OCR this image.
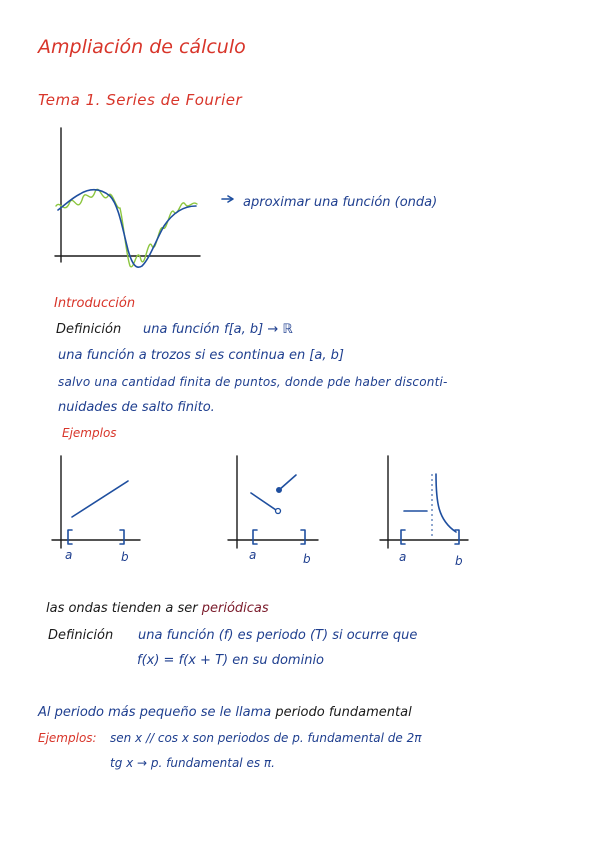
Ampliación de cálculo
Tema 1. Series de Fourier
aproximar una función (onda)
Introducción
Definición una función f[a, b] → ℝ
una función a trozos si es continua en [a, b]
salvo una cantidad finita de puntos, donde pde haber disconti-
nuidades de salto finito.
Ejemplos
a	b	a	b	a	b
las ondas tienden a ser periódicas
Definición una función (f) es periodo (T) si ocurre que
f(x) = f(x + T) en su dominio
Al periodo más pequeño se le llama periodo fundamental
Ejemplos: sen x // cos x son periodos de p. fundamental de 2π
tg x → p. fundamental es π.
